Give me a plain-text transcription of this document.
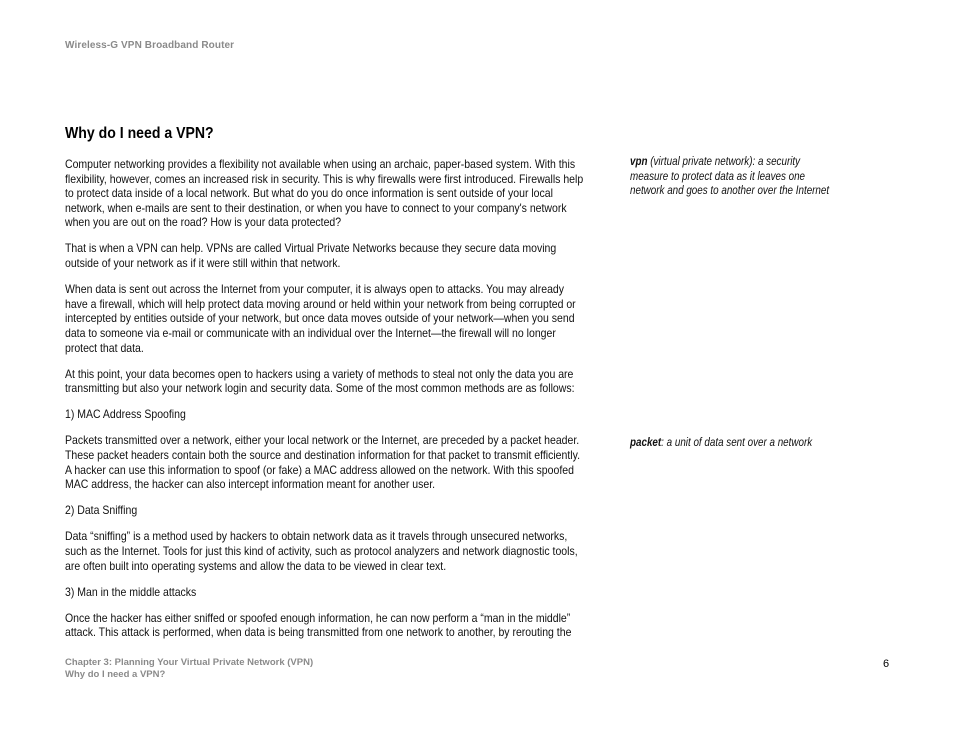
Wireless-G VPN Broadband Router
Why do I need a VPN?

Computer networking provides a flexibility not available when using an archaic, paper-based system. With this flexibility, however, comes an increased risk in security. This is why firewalls were first introduced. Firewalls help to protect data inside of a local network. But what do you do once information is sent outside of your local network, when e-mails are sent to their destination, or when you have to connect to your company's network when you are out on the road? How is your data protected?

That is when a VPN can help. VPNs are called Virtual Private Networks because they secure data moving outside of your network as if it were still within that network.

When data is sent out across the Internet from your computer, it is always open to attacks. You may already have a firewall, which will help protect data moving around or held within your network from being corrupted or intercepted by entities outside of your network, but once data moves outside of your network—when you send data to someone via e-mail or communicate with an individual over the Internet—the firewall will no longer protect that data.

At this point, your data becomes open to hackers using a variety of methods to steal not only the data you are transmitting but also your network login and security data. Some of the most common methods are as follows:

1) MAC Address Spoofing

Packets transmitted over a network, either your local network or the Internet, are preceded by a packet header. These packet headers contain both the source and destination information for that packet to transmit efficiently. A hacker can use this information to spoof (or fake) a MAC address allowed on the network. With this spoofed MAC address, the hacker can also intercept information meant for another user.

2) Data Sniffing

Data “sniffing” is a method used by hackers to obtain network data as it travels through unsecured networks, such as the Internet. Tools for just this kind of activity, such as protocol analyzers and network diagnostic tools, are often built into operating systems and allow the data to be viewed in clear text.

3) Man in the middle attacks

Once the hacker has either sniffed or spoofed enough information, he can now perform a “man in the middle” attack. This attack is performed, when data is being transmitted from one network to another, by rerouting the

vpn (virtual private network): a security measure to protect data as it leaves one network and goes to another over the Internet
packet: a unit of data sent over a network
Chapter 3: Planning Your Virtual Private Network (VPN)
Why do I need a VPN?
6
